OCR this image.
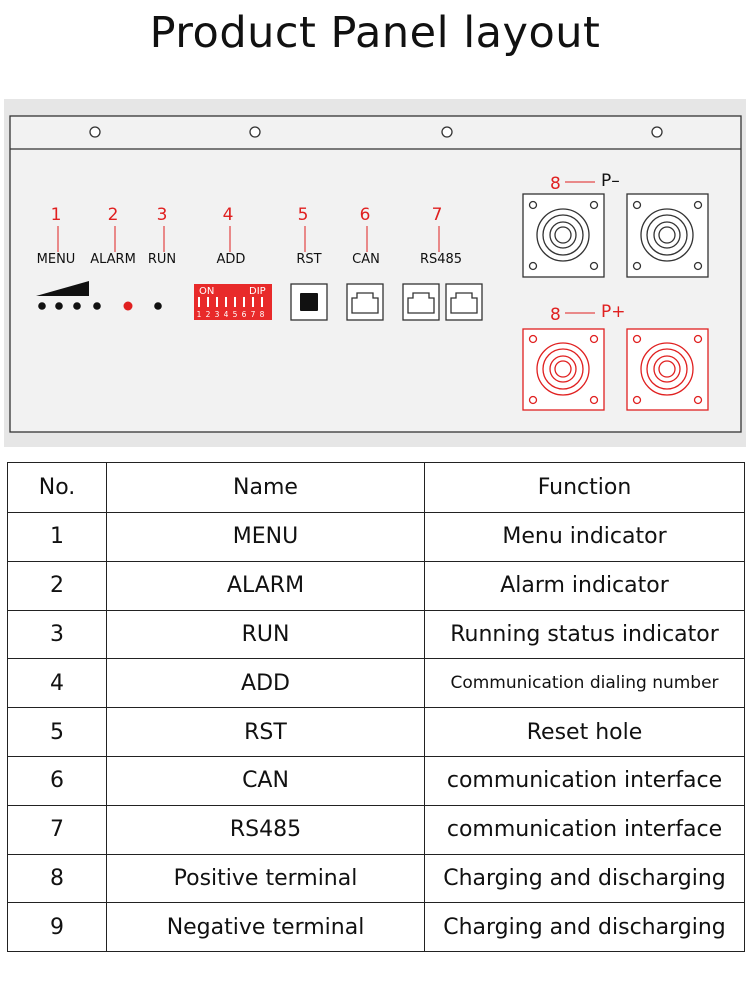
Product Panel layout
1	2 3	4	5	6	7
MENU ALARM RUN	ADD	RST CAN	RS485
ON	DIP
1 2 3 4 5 6 7 8
8 P–
8 P+
No.	Name	Function
1	MENU	Menu indicator
2	ALARM	Alarm indicator
3	RUN	Running status indicator
4	ADD	Communication dialing number
5	RST	Reset hole
6	CAN	communication interface
7	RS485	communication interface
8	Positive terminal	Charging and discharging
9	Negative terminal	Charging and discharging
